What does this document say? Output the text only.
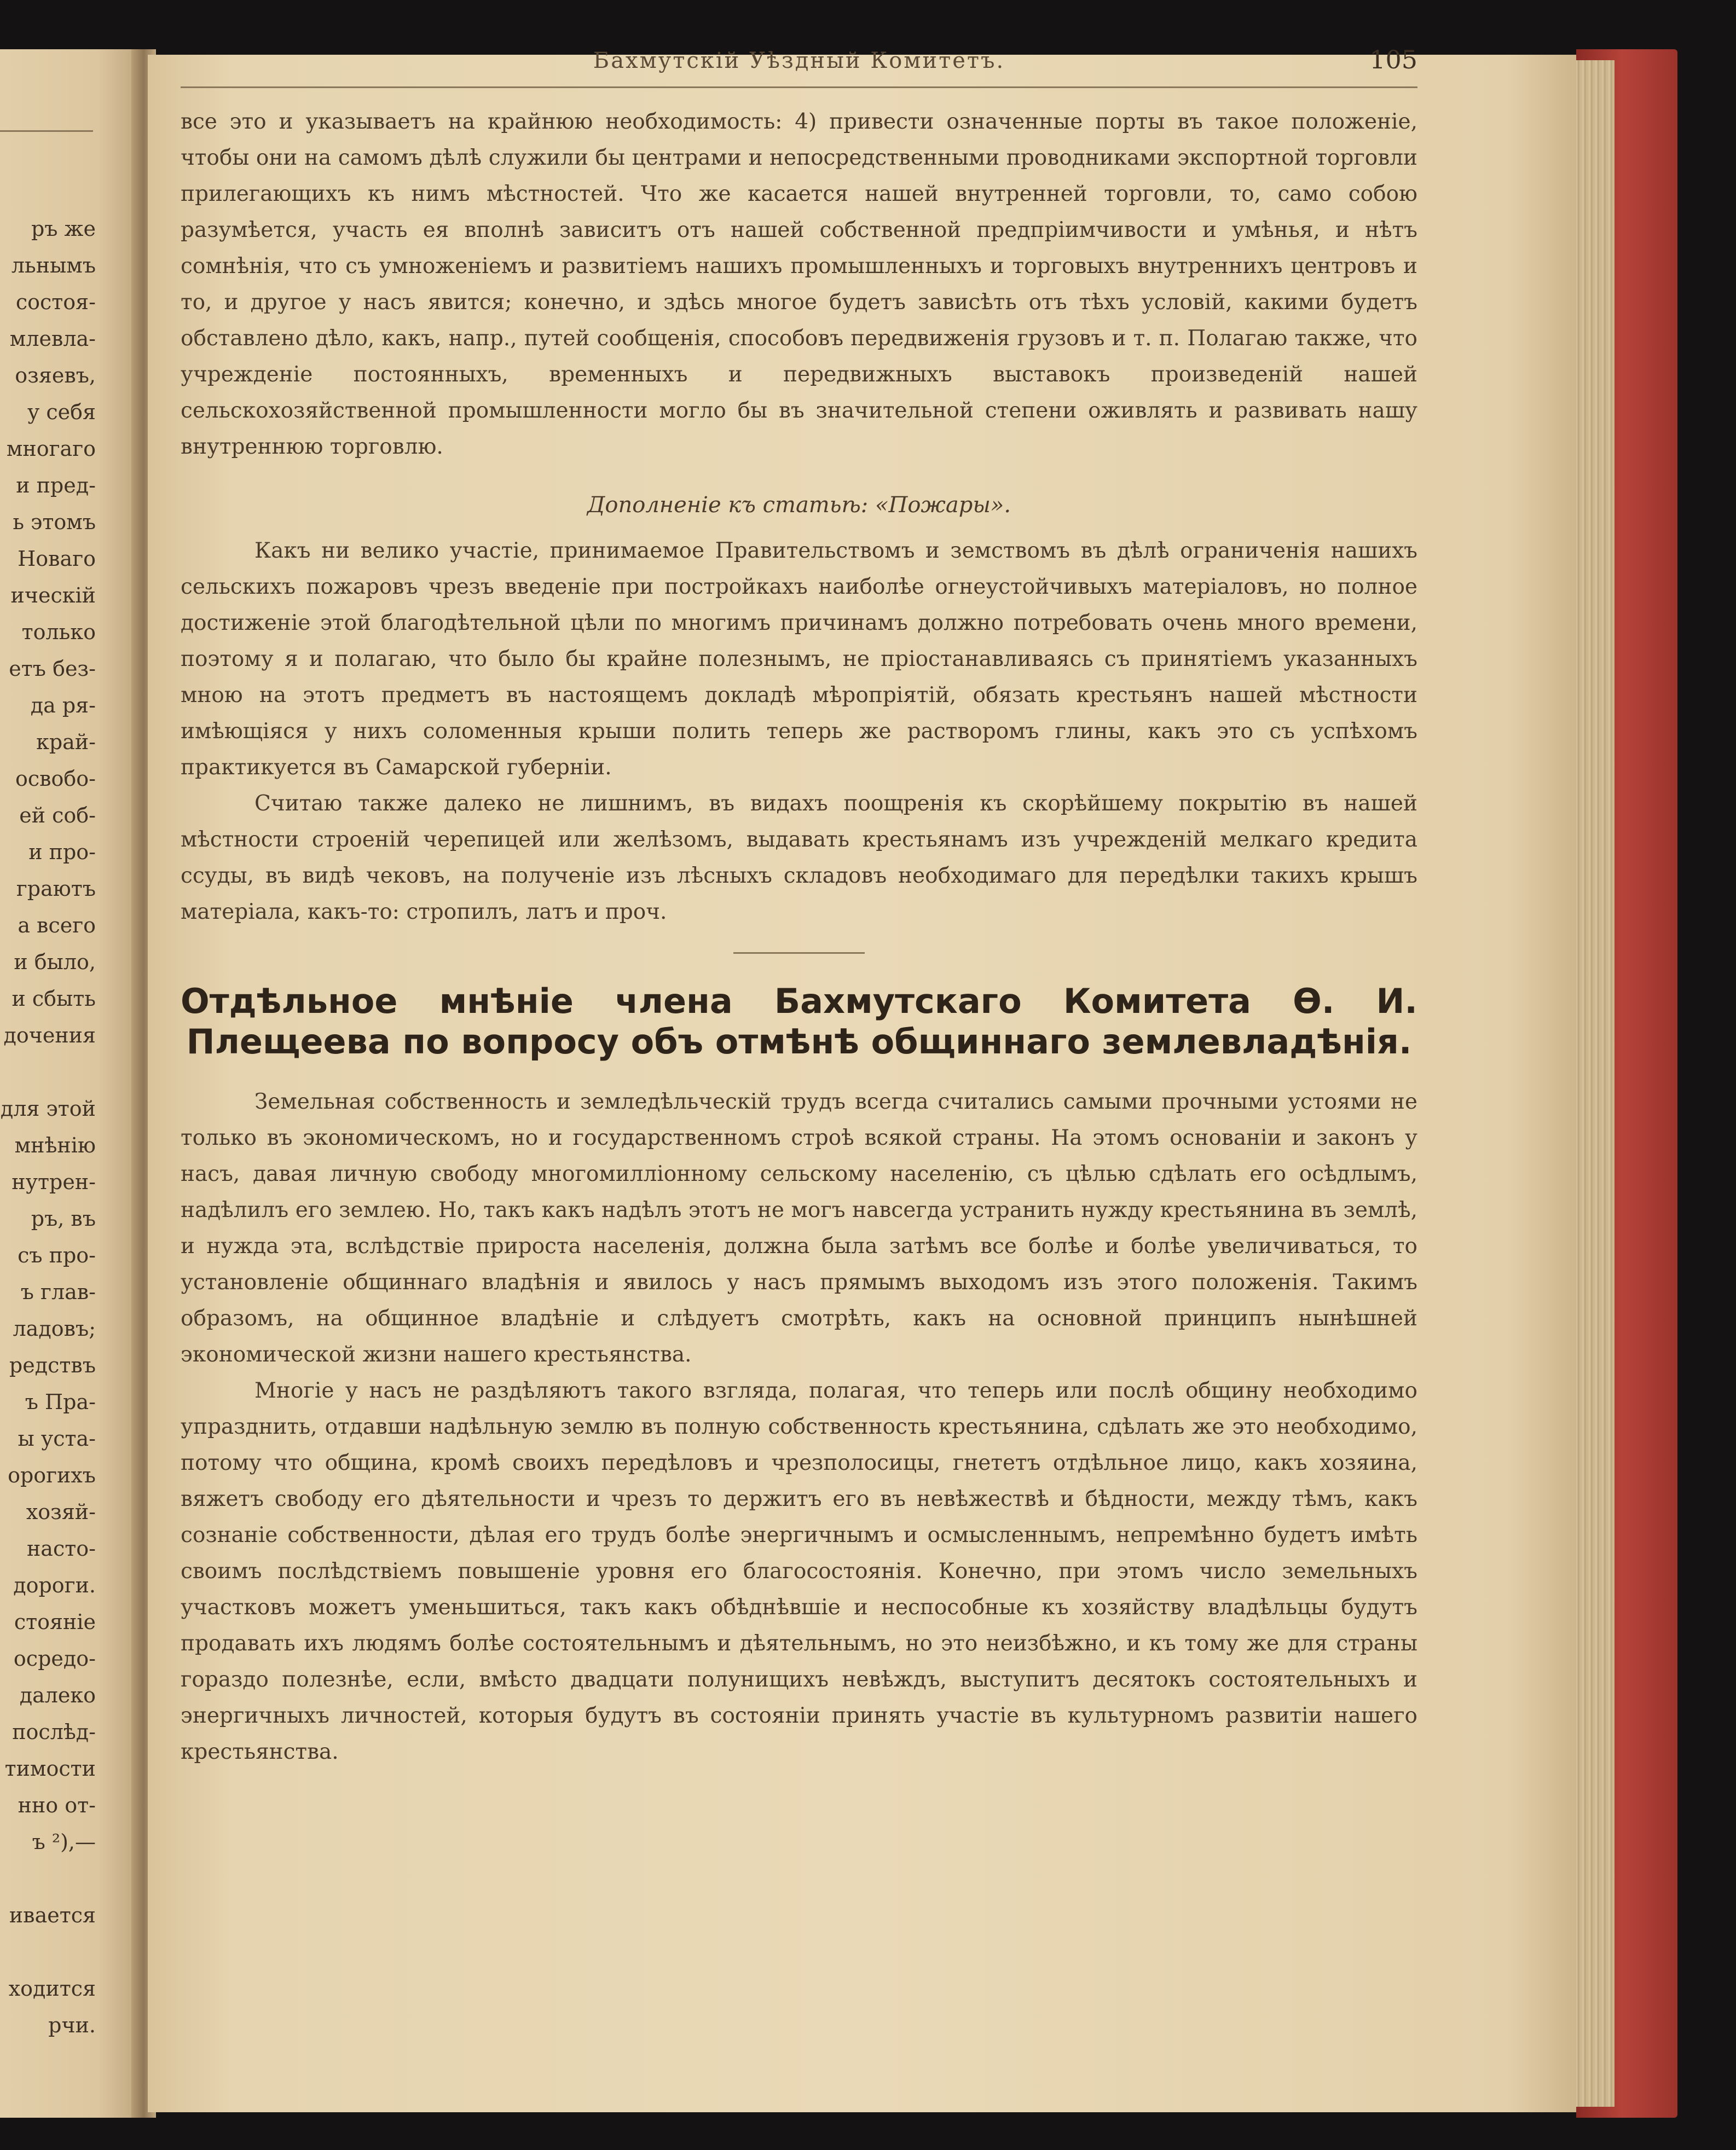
ръ же
льнымъ
состоя-
млевла-
озяевъ,
у себя
многаго
и пред-
ь этомъ
Новаго
ическій
только
етъ без-
да ря-
край-
освобо-
ей соб-
и про-
граютъ
а всего
и было,
и сбыть
дочения
для этой
мнѣнію
нутрен-
ръ, въ
съ про-
ъ глав-
ладовъ;
редствъ
ъ Пра-
ы уста-
орогихъ
хозяй-
насто-
дороги.
стояніе
осредо-
далеко
послѣд-
тимости
нно от-
ъ ²),—
ивается
ходится
рчи.
Бахмутскій Уѣздный Комитетъ.	105

все это и указываетъ на крайнюю необходимость: 4) привести означенные порты въ такое положеніе, чтобы они на самомъ дѣлѣ служили бы центрами и непосредственными проводниками экспортной торговли прилегающихъ къ нимъ мѣстностей. Что же касается нашей внутренней торговли, то, само собою разумѣется, участь ея вполнѣ зависитъ отъ нашей собственной предпріимчивости и умѣнья, и нѣтъ сомнѣнія, что съ умноженіемъ и развитіемъ нашихъ промышленныхъ и торговыхъ внутреннихъ центровъ и то, и другое у насъ явится; конечно, и здѣсь многое будетъ зависѣть отъ тѣхъ условій, какими будетъ обставлено дѣло, какъ, напр., путей сообщенія, способовъ передвиженія грузовъ и т. п. Полагаю также, что учрежденіе постоянныхъ, временныхъ и передвижныхъ выставокъ произведеній нашей сельскохозяйственной промышленности могло бы въ значительной степени оживлять и развивать нашу внутреннюю торговлю.

Дополненіе къ статьѣ: «Пожары».

Какъ ни велико участіе, принимаемое Правительствомъ и земствомъ въ дѣлѣ ограниченія нашихъ сельскихъ пожаровъ чрезъ введеніе при постройкахъ наиболѣе огнеустойчивыхъ матеріаловъ, но полное достиженіе этой благодѣтельной цѣли по многимъ причинамъ должно потребовать очень много времени, поэтому я и полагаю, что было бы крайне полезнымъ, не пріостанавливаясь съ принятіемъ указанныхъ мною на этотъ предметъ въ настоящемъ докладѣ мѣропріятій, обязать крестьянъ нашей мѣстности имѣющіяся у нихъ соломенныя крыши полить теперь же растворомъ глины, какъ это съ успѣхомъ практикуется въ Самарской губерніи.

Считаю также далеко не лишнимъ, въ видахъ поощренія къ скорѣйшему покрытію въ нашей мѣстности строеній черепицей или желѣзомъ, выдавать крестьянамъ изъ учрежденій мелкаго кредита ссуды, въ видѣ чековъ, на полученіе изъ лѣсныхъ складовъ необходимаго для передѣлки такихъ крышъ матеріала, какъ-то: стропилъ, латъ и проч.

Отдѣльное мнѣніе члена Бахмутскаго Комитета Ѳ. И. Плещеева по вопросу объ отмѣнѣ общиннаго землевладѣнія.

Земельная собственность и земледѣльческій трудъ всегда считались самыми прочными устоями не только въ экономическомъ, но и государственномъ строѣ всякой страны. На этомъ основаніи и законъ у насъ, давая личную свободу многомилліонному сельскому населенію, съ цѣлью сдѣлать его осѣдлымъ, надѣлилъ его землею. Но, такъ какъ надѣлъ этотъ не могъ навсегда устранить нужду крестьянина въ землѣ, и нужда эта, вслѣдствіе прироста населенія, должна была затѣмъ все болѣе и болѣе увеличиваться, то установленіе общиннаго владѣнія и явилось у насъ прямымъ выходомъ изъ этого положенія. Такимъ образомъ, на общинное владѣніе и слѣдуетъ смотрѣть, какъ на основной принципъ нынѣшней экономической жизни нашего крестьянства.

Многіе у насъ не раздѣляютъ такого взгляда, полагая, что теперь или послѣ общину необходимо упразднить, отдавши надѣльную землю въ полную собственность крестьянина, сдѣлать же это необходимо, потому что община, кромѣ своихъ передѣловъ и чрезполосицы, гнететъ отдѣльное лицо, какъ хозяина, вяжетъ свободу его дѣятельности и чрезъ то держитъ его въ невѣжествѣ и бѣдности, между тѣмъ, какъ сознаніе собственности, дѣлая его трудъ болѣе энергичнымъ и осмысленнымъ, непремѣнно будетъ имѣть своимъ послѣдствіемъ повышеніе уровня его благосостоянія. Конечно, при этомъ число земельныхъ участковъ можетъ уменьшиться, такъ какъ обѣднѣвшіе и неспособные къ хозяйству владѣльцы будутъ продавать ихъ людямъ болѣе состоятельнымъ и дѣятельнымъ, но это неизбѣжно, и къ тому же для страны гораздо полезнѣе, если, вмѣсто двадцати полунищихъ невѣждъ, выступитъ десятокъ состоятельныхъ и энергичныхъ личностей, которыя будутъ въ состояніи принять участіе въ культурномъ развитіи нашего крестьянства.
